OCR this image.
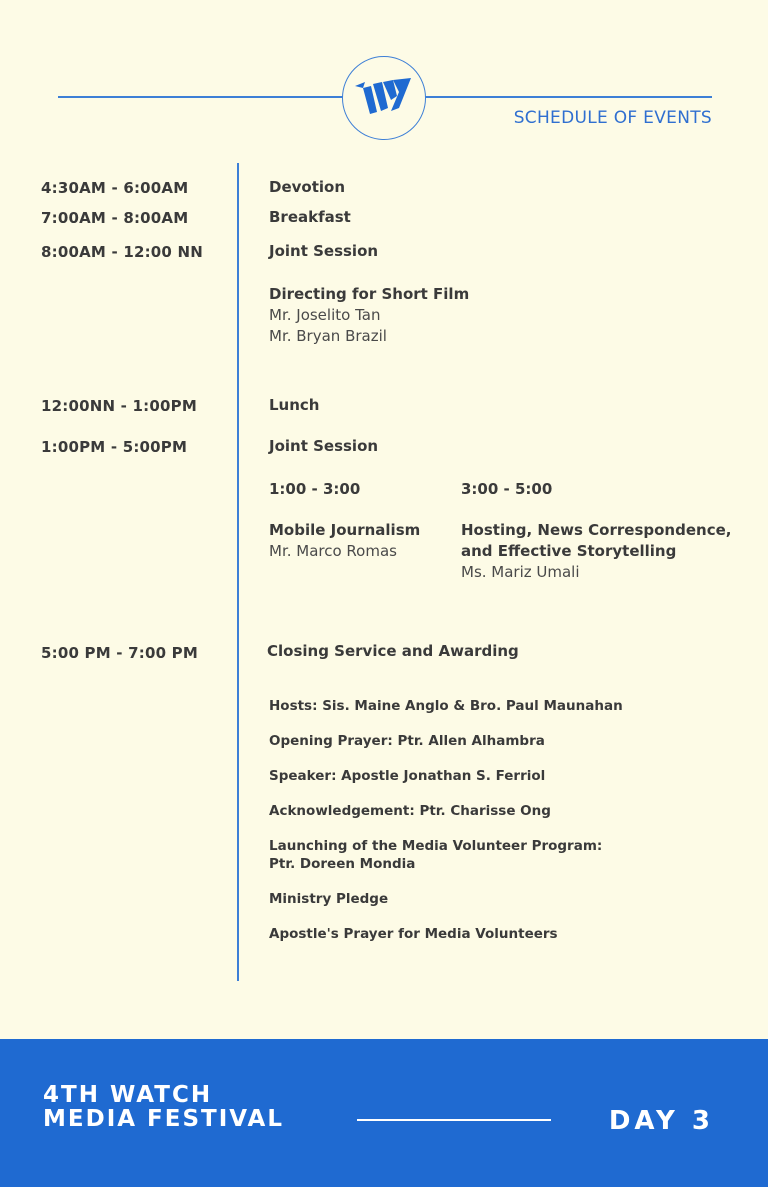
SCHEDULE OF EVENTS
4:30AM - 6:00AM
7:00AM - 8:00AM
8:00AM - 12:00 NN
12:00NN - 1:00PM
1:00PM - 5:00PM
5:00 PM - 7:00 PM
Devotion
Breakfast
Joint Session
Directing for Short Film
Mr. Joselito Tan
Mr. Bryan Brazil
Lunch
Joint Session
1:00 - 3:00	3:00 - 5:00
Mobile Journalism
Mr. Marco Romas
Hosting, News Correspondence,
and Effective Storytelling
Ms. Mariz Umali
Closing Service and Awarding
Hosts: Sis. Maine Anglo & Bro. Paul Maunahan
Opening Prayer: Ptr. Allen Alhambra
Speaker: Apostle Jonathan S. Ferriol
Acknowledgement: Ptr. Charisse Ong
Launching of the Media Volunteer Program:
Ptr. Doreen Mondia
Ministry Pledge
Apostle's Prayer for Media Volunteers
4TH WATCH
MEDIA FESTIVAL	DAY 3
